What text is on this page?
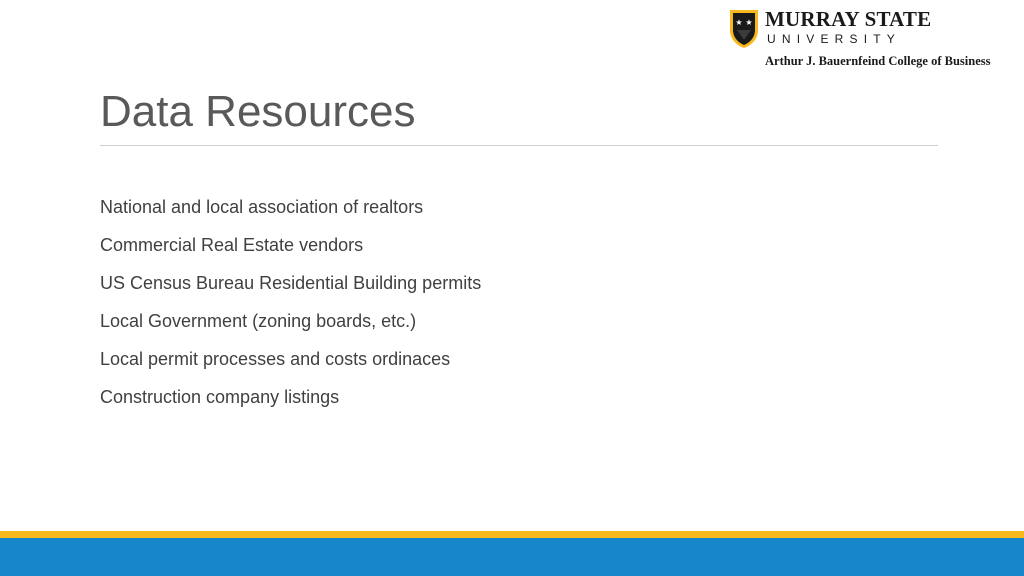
★ ★ MURRAY STATE
UNIVERSITY
Arthur J. Bauernfeind College of Business
Data Resources
National and local association of realtors
Commercial Real Estate vendors
US Census Bureau Residential Building permits
Local Government (zoning boards, etc.)
Local permit processes and costs ordinaces
Construction company listings
